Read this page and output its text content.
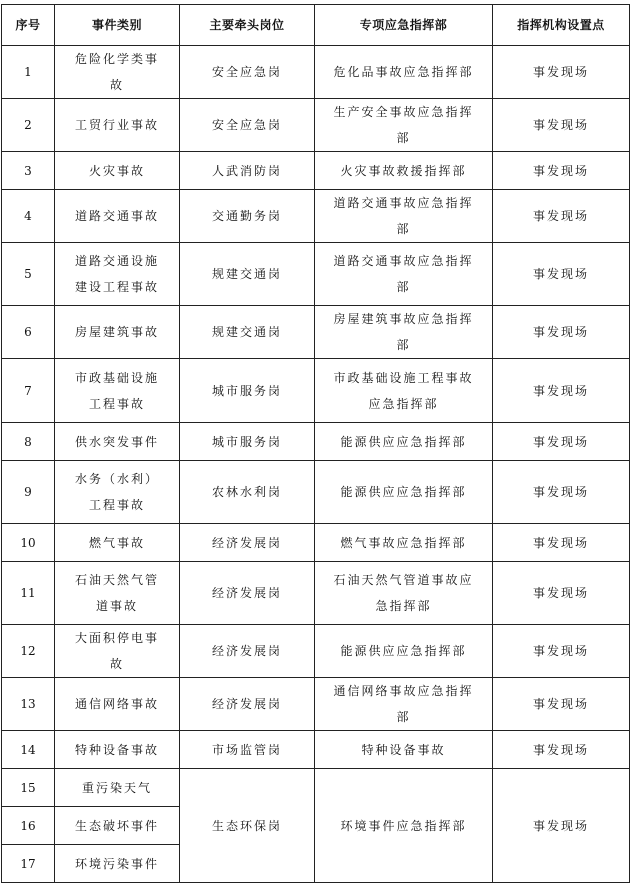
序号	事件类别	主要牵头岗位	专项应急指挥部	指挥机构设置点
1	危险化学类事故	安全应急岗	危化品事故应急指挥部	事发现场
2	工贸行业事故	安全应急岗	生产安全事故应急指挥部	事发现场
3	火灾事故	人武消防岗	火灾事故救援指挥部	事发现场
4	道路交通事故	交通勤务岗	道路交通事故应急指挥部	事发现场
5	道路交通设施建设工程事故	规建交通岗	道路交通事故应急指挥部	事发现场
6	房屋建筑事故	规建交通岗	房屋建筑事故应急指挥部	事发现场
7	市政基础设施工程事故	城市服务岗	市政基础设施工程事故应急指挥部	事发现场
8	供水突发事件	城市服务岗	能源供应应急指挥部	事发现场
9	水务（水利）工程事故	农林水利岗	能源供应应急指挥部	事发现场
10	燃气事故	经济发展岗	燃气事故应急指挥部	事发现场
11	石油天然气管道事故	经济发展岗	石油天然气管道事故应急指挥部	事发现场
12	大面积停电事故	经济发展岗	能源供应应急指挥部	事发现场
13	通信网络事故	经济发展岗	通信网络事故应急指挥部	事发现场
14	特种设备事故	市场监管岗	特种设备事故	事发现场
15	重污染天气	生态环保岗	环境事件应急指挥部	事发现场
16	生态破坏事件			
17	环境污染事件			
